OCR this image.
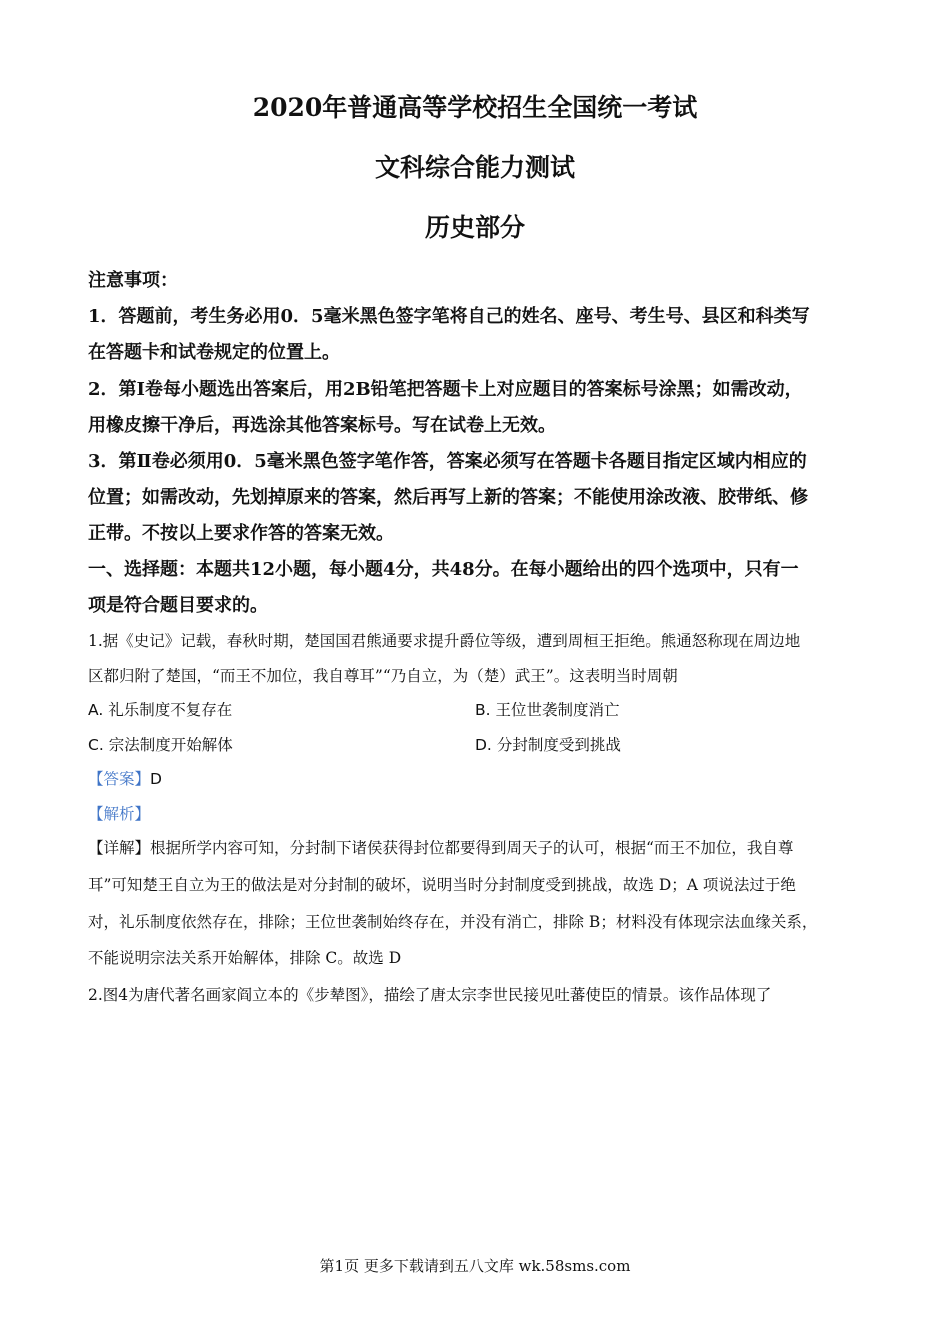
2020年普通高等学校招生全国统一考试
文科综合能力测试
历史部分
注意事项：
1．答题前，考生务必用0．5毫米黑色签字笔将自己的姓名、座号、考生号、县区和科类写
在答题卡和试卷规定的位置上。
2．第Ⅰ卷每小题选出答案后，用2B铅笔把答题卡上对应题目的答案标号涂黑；如需改动，
用橡皮擦干净后，再选涂其他答案标号。写在试卷上无效。
3．第Ⅱ卷必须用0．5毫米黑色签字笔作答，答案必须写在答题卡各题目指定区域内相应的
位置；如需改动，先划掉原来的答案，然后再写上新的答案；不能使用涂改液、胶带纸、修
正带。不按以上要求作答的答案无效。
一、选择题：本题共12小题，每小题4分，共48分。在每小题给出的四个选项中，只有一
项是符合题目要求的。
1.据《史记》记载，春秋时期，楚国国君熊通要求提升爵位等级，遭到周桓王拒绝。熊通怒称现在周边地
区都归附了楚国，“而王不加位，我自尊耳”“乃自立，为（楚）武王”。这表明当时周朝
A. 礼乐制度不复存在	B. 王位世袭制度消亡
C. 宗法制度开始解体	D. 分封制度受到挑战
【答案】D
【解析】
【详解】根据所学内容可知，分封制下诸侯获得封位都要得到周天子的认可，根据“而王不加位，我自尊
耳”可知楚王自立为王的做法是对分封制的破坏，说明当时分封制度受到挑战，故选 D；A 项说法过于绝
对，礼乐制度依然存在，排除；王位世袭制始终存在，并没有消亡，排除 B；材料没有体现宗法血缘关系，
不能说明宗法关系开始解体，排除 C。故选 D
2.图4为唐代著名画家阎立本的《步辇图》，描绘了唐太宗李世民接见吐蕃使臣的情景。该作品体现了
第1页 更多下载请到五八文库 wk.58sms.com
